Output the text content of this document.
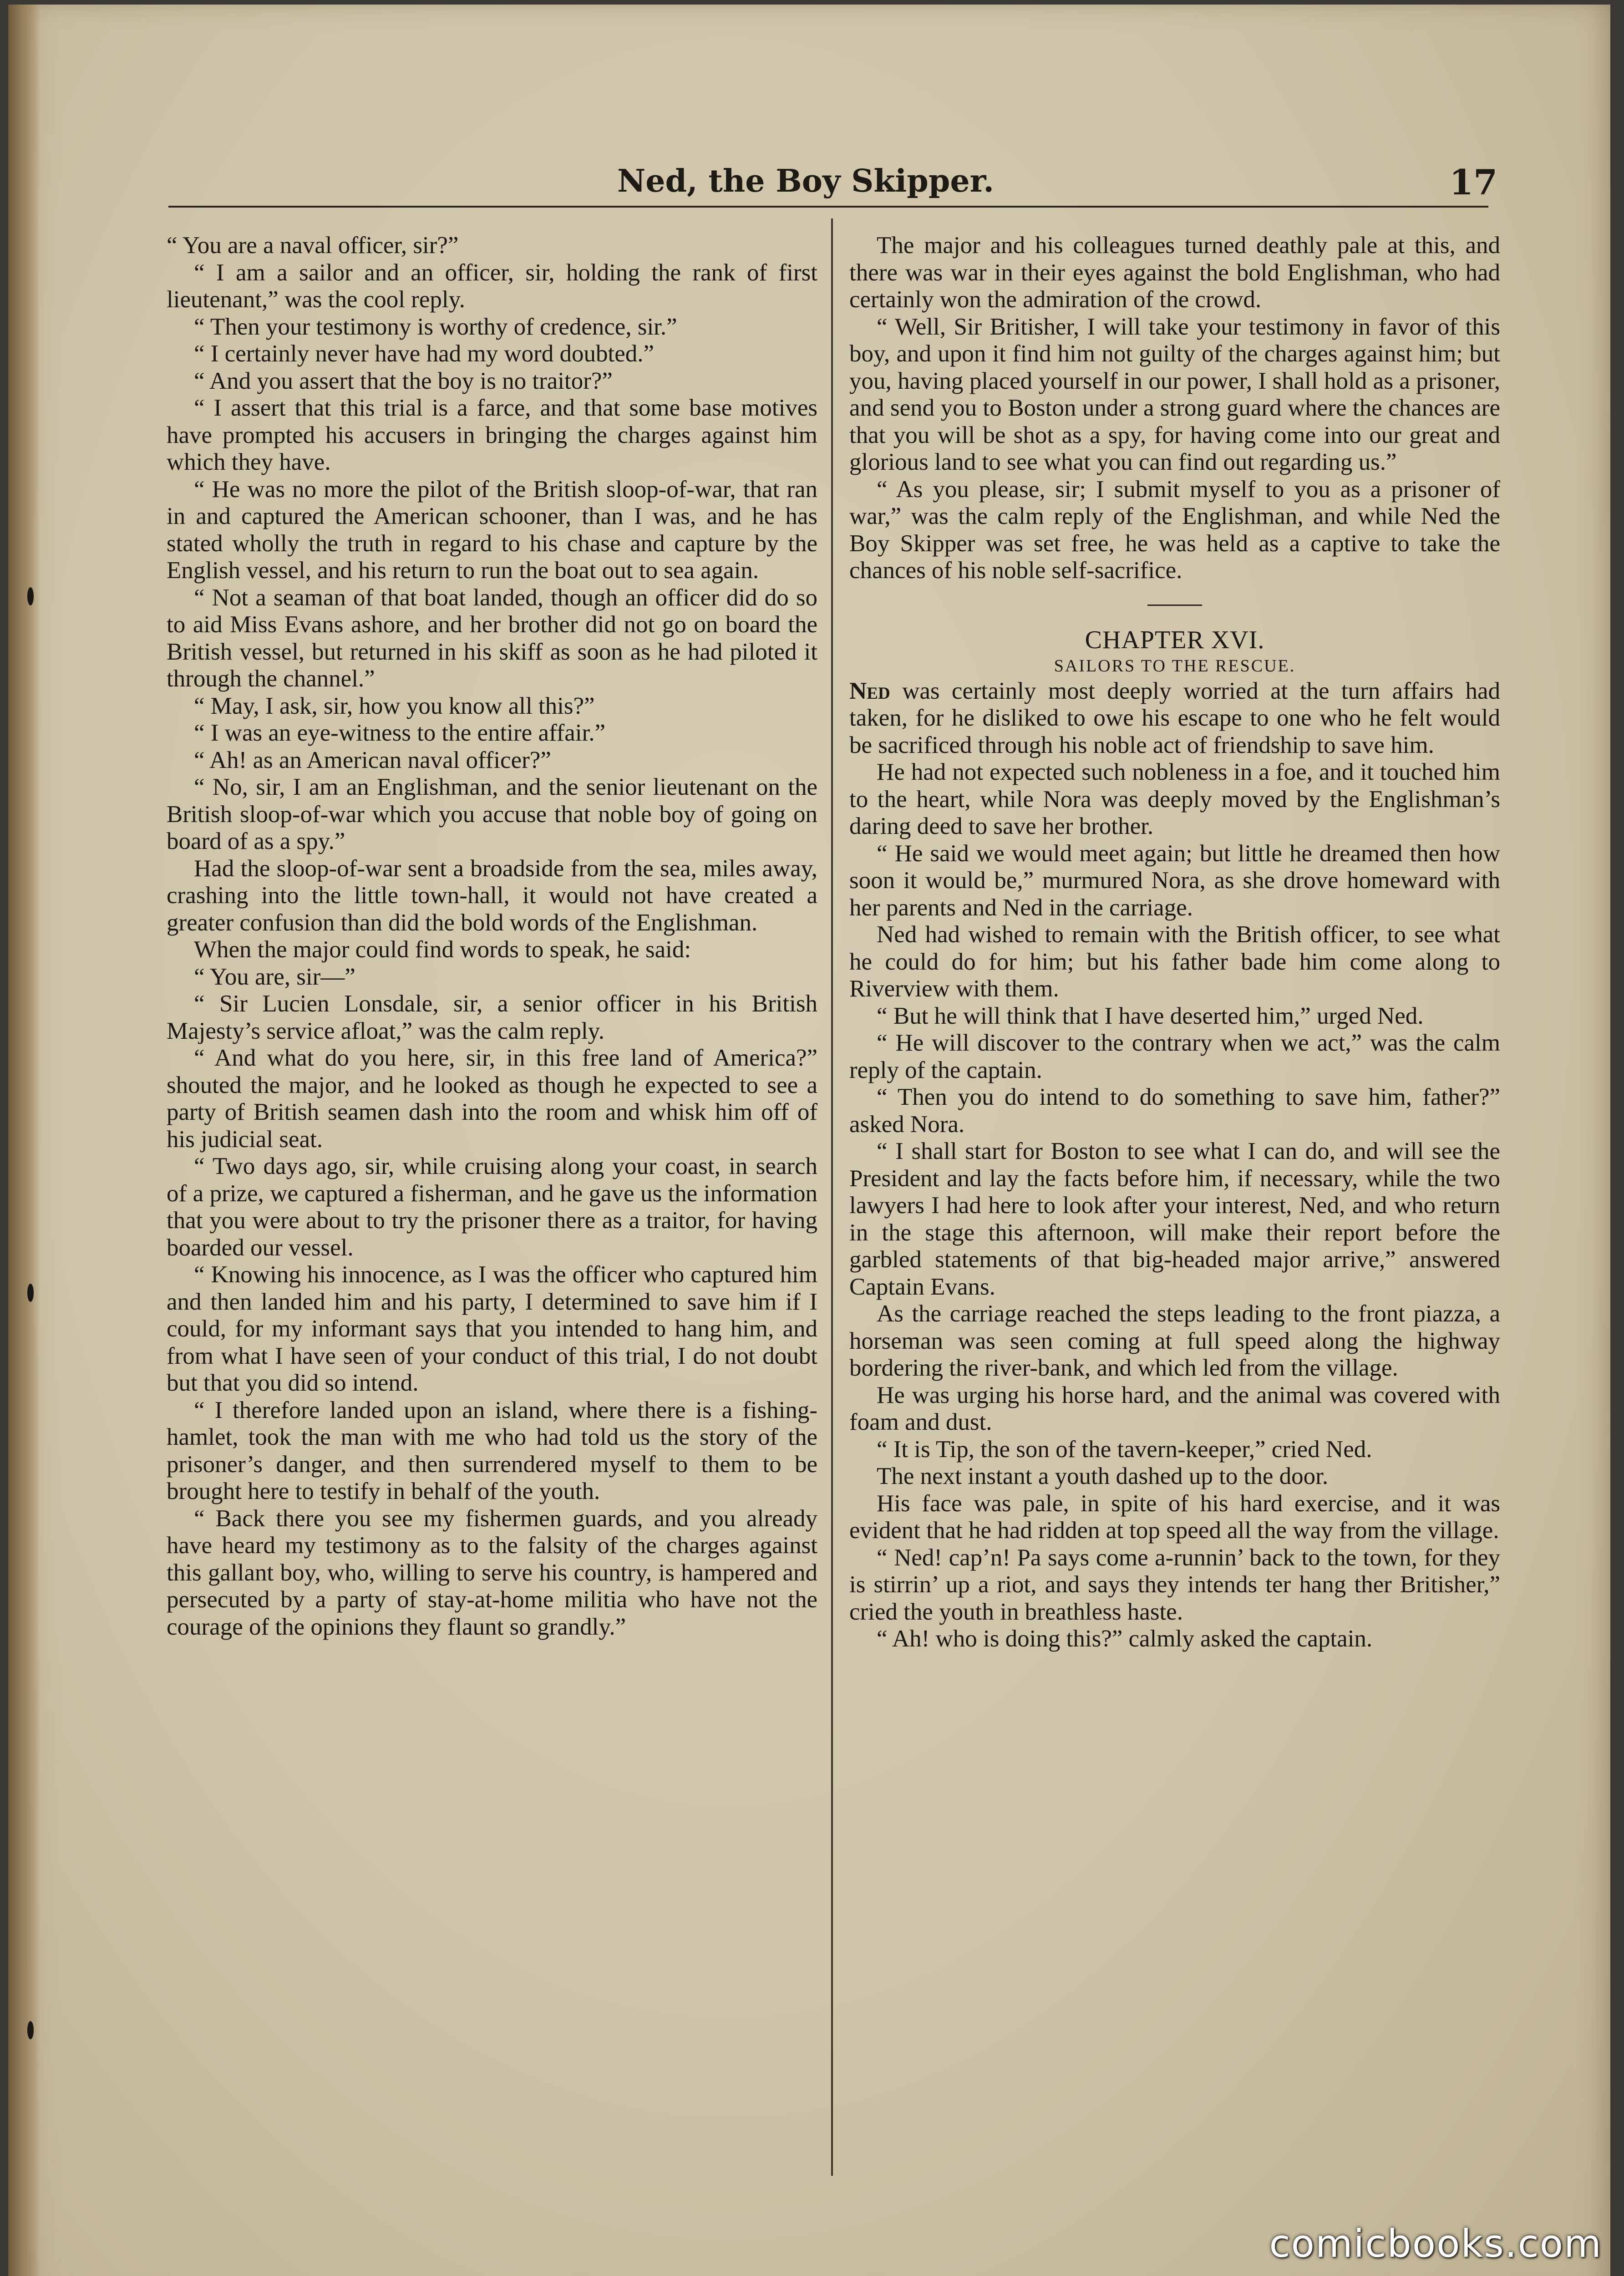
Ned, the Boy Skipper.	17

“ You are a naval officer, sir?”

“ I am a sailor and an officer, sir, holding the rank of first lieutenant,” was the cool reply.

“ Then your testimony is worthy of credence, sir.”

“ I certainly never have had my word doubted.”

“ And you assert that the boy is no traitor?”

“ I assert that this trial is a farce, and that some base motives have prompted his accusers in bringing the charges against him which they have.

“ He was no more the pilot of the British sloop-of-war, that ran in and captured the American schooner, than I was, and he has stated wholly the truth in regard to his chase and capture by the English vessel, and his return to run the boat out to sea again.

“ Not a seaman of that boat landed, though an officer did do so to aid Miss Evans ashore, and her brother did not go on board the British vessel, but returned in his skiff as soon as he had piloted it through the channel.”

“ May, I ask, sir, how you know all this?”

“ I was an eye-witness to the entire affair.”

“ Ah! as an American naval officer?”

“ No, sir, I am an Englishman, and the senior lieutenant on the British sloop-of-war which you accuse that noble boy of going on board of as a spy.”

Had the sloop-of-war sent a broadside from the sea, miles away, crashing into the little town-hall, it would not have created a greater confusion than did the bold words of the Englishman.

When the major could find words to speak, he said:

“ You are, sir—”

“ Sir Lucien Lonsdale, sir, a senior officer in his British Majesty’s service afloat,” was the calm reply.

“ And what do you here, sir, in this free land of America?” shouted the major, and he looked as though he expected to see a party of British seamen dash into the room and whisk him off of his judicial seat.

“ Two days ago, sir, while cruising along your coast, in search of a prize, we captured a fisherman, and he gave us the information that you were about to try the prisoner there as a traitor, for having boarded our vessel.

“ Knowing his innocence, as I was the officer who captured him and then landed him and his party, I determined to save him if I could, for my informant says that you intended to hang him, and from what I have seen of your conduct of this trial, I do not doubt but that you did so intend.

“ I therefore landed upon an island, where there is a fishing-hamlet, took the man with me who had told us the story of the prisoner’s danger, and then surrendered myself to them to be brought here to testify in behalf of the youth.

“ Back there you see my fishermen guards, and you already have heard my testimony as to the falsity of the charges against this gallant boy, who, willing to serve his country, is hampered and persecuted by a party of stay-at-home militia who have not the courage of the opinions they flaunt so grandly.”

The major and his colleagues turned deathly pale at this, and there was war in their eyes against the bold Englishman, who had certainly won the admiration of the crowd.

“ Well, Sir Britisher, I will take your testimony in favor of this boy, and upon it find him not guilty of the charges against him; but you, having placed yourself in our power, I shall hold as a prisoner, and send you to Boston under a strong guard where the chances are that you will be shot as a spy, for having come into our great and glorious land to see what you can find out regarding us.”

“ As you please, sir; I submit myself to you as a prisoner of war,” was the calm reply of the Englishman, and while Ned the Boy Skipper was set free, he was held as a captive to take the chances of his noble self-sacrifice.

CHAPTER XVI.
SAILORS TO THE RESCUE.

Ned was certainly most deeply worried at the turn affairs had taken, for he disliked to owe his escape to one who he felt would be sacrificed through his noble act of friendship to save him.

He had not expected such nobleness in a foe, and it touched him to the heart, while Nora was deeply moved by the Englishman’s daring deed to save her brother.

“ He said we would meet again; but little he dreamed then how soon it would be,” murmured Nora, as she drove homeward with her parents and Ned in the carriage.

Ned had wished to remain with the British officer, to see what he could do for him; but his father bade him come along to Riverview with them.

“ But he will think that I have deserted him,” urged Ned.

“ He will discover to the contrary when we act,” was the calm reply of the captain.

“ Then you do intend to do something to save him, father?” asked Nora.

“ I shall start for Boston to see what I can do, and will see the President and lay the facts before him, if necessary, while the two lawyers I had here to look after your interest, Ned, and who return in the stage this afternoon, will make their report before the garbled statements of that big-headed major arrive,” answered Captain Evans.

As the carriage reached the steps leading to the front piazza, a horseman was seen coming at full speed along the highway bordering the river-bank, and which led from the village.

He was urging his horse hard, and the animal was covered with foam and dust.

“ It is Tip, the son of the tavern-keeper,” cried Ned.

The next instant a youth dashed up to the door.

His face was pale, in spite of his hard exercise, and it was evident that he had ridden at top speed all the way from the village.

“ Ned! cap’n! Pa says come a-runnin’ back to the town, for they is stirrin’ up a riot, and says they intends ter hang ther Britisher,” cried the youth in breathless haste.

“ Ah! who is doing this?” calmly asked the captain.

comicbooks.com
